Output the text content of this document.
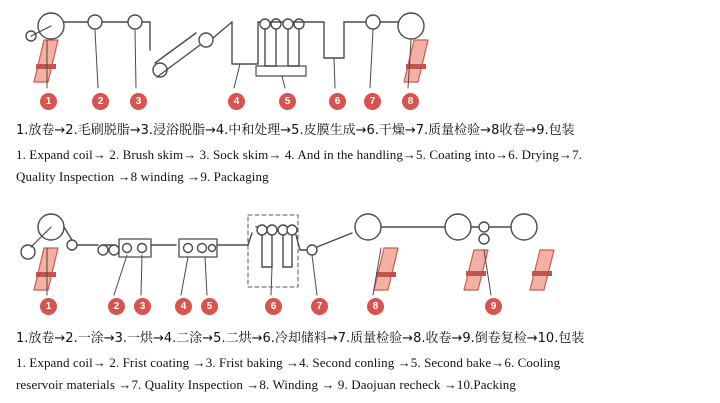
1	2	3	4	5	6	7	8
1.放卷→2.毛刷脱脂→3.浸浴脱脂→4.中和处理→5.皮膜生成→6.干燥→7.质量检验→8收卷→9.包装
1. Expand coil→ 2. Brush skim→ 3. Sock skim→ 4. And in the handling→5. Coating into→6. Drying→7.
Quality Inspection →8 winding →9. Packaging
1	2	3	4	5	6	7	8	9
1.放卷→2.一涂→3.一烘→4.二涂→5.二烘→6.冷却储料→7.质量检验→8.收卷→9.倒卷复检→10.包装
1. Expand coil→ 2. Frist coating →3. Frist baking →4. Second conling →5. Second bake→6. Cooling
reservoir materials →7. Quality Inspection →8. Winding → 9. Daojuan recheck →10.Packing
